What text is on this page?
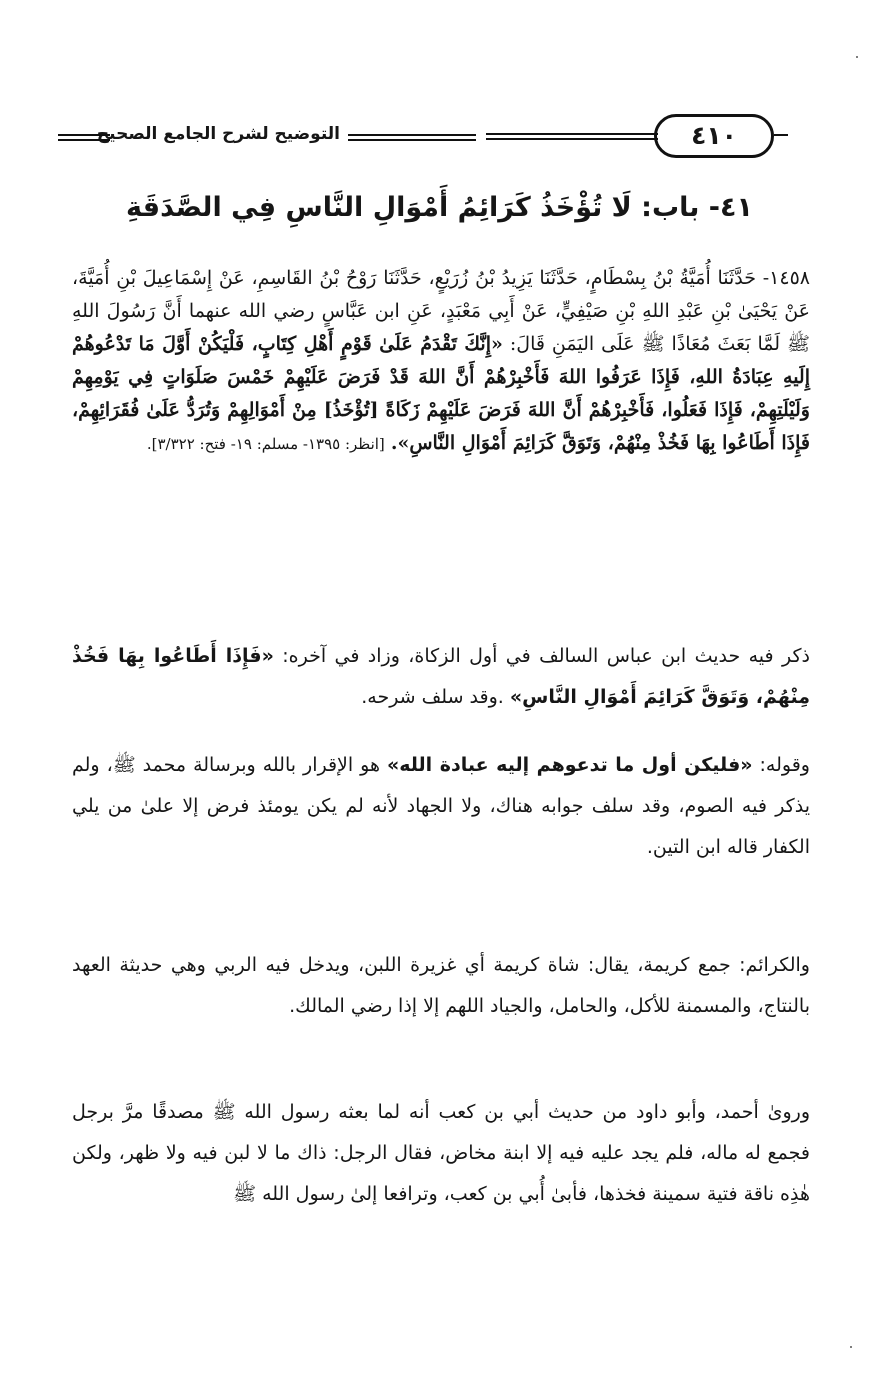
٤١٠
التوضيح لشرح الجامع الصحيح
٤١- باب: لَا تُؤْخَذُ كَرَائِمُ أَمْوَالِ النَّاسِ فِي الصَّدَقَةِ

١٤٥٨- حَدَّثَنَا أُمَيَّةُ بْنُ بِسْطَامٍ، حَدَّثَنَا يَزِيدُ بْنُ زُرَيْعٍ، حَدَّثَنَا رَوْحُ بْنُ القَاسِمِ، عَنْ إِسْمَاعِيلَ بْنِ أُمَيَّةَ، عَنْ يَحْيَىٰ بْنِ عَبْدِ اللهِ بْنِ صَيْفِيٍّ، عَنْ أَبِي مَعْبَدٍ، عَنِ ابن عَبَّاسٍ رضي الله عنهما أَنَّ رَسُولَ اللهِ ﷺ لَمَّا بَعَثَ مُعَاذًا ﷺ عَلَى اليَمَنِ قَالَ: «إِنَّكَ تَقْدَمُ عَلَىٰ قَوْمٍ أَهْلِ كِتَابٍ، فَلْيَكُنْ أَوَّلَ مَا تَدْعُوهُمْ إِلَيهِ عِبَادَةُ اللهِ، فَإِذَا عَرَفُوا اللهَ فَأَخْبِرْهُمْ أَنَّ اللهَ قَدْ فَرَضَ عَلَيْهِمْ خَمْسَ صَلَوَاتٍ فِي يَوْمِهِمْ وَلَيْلَتِهِمْ، فَإِذَا فَعَلُوا، فَأَخْبِرْهُمْ أَنَّ اللهَ فَرَضَ عَلَيْهِمْ زَكَاةً [تُؤْخَذُ] مِنْ أَمْوَالِهِمْ وَتُرَدُّ عَلَىٰ فُقَرَائِهِمْ، فَإِذَا أَطَاعُوا بِهَا فَخُذْ مِنْهُمْ، وَتَوَقَّ كَرَائِمَ أَمْوَالِ النَّاسِ». [انظر: ١٣٩٥- مسلم: ١٩- فتح: ٣/٣٢٢].

ذكر فيه حديث ابن عباس السالف في أول الزكاة، وزاد في آخره: «فَإِذَا أَطَاعُوا بِهَا فَخُذْ مِنْهُمْ، وَتَوَقَّ كَرَائِمَ أَمْوَالِ النَّاسِ» .وقد سلف شرحه.

وقوله: «فليكن أول ما تدعوهم إليه عبادة الله» هو الإقرار بالله وبرسالة محمد ﷺ، ولم يذكر فيه الصوم، وقد سلف جوابه هناك، ولا الجهاد لأنه لم يكن يومئذ فرض إلا علىٰ من يلي الكفار قاله ابن التين.

والكرائم: جمع كريمة، يقال: شاة كريمة أي غزيرة اللبن، ويدخل فيه الربي وهي حديثة العهد بالنتاج، والمسمنة للأكل، والحامل، والجياد اللهم إلا إذا رضي المالك.

ورویٰ أحمد، وأبو داود من حديث أبي بن كعب أنه لما بعثه رسول الله ﷺ مصدقًا مرَّ برجل فجمع له ماله، فلم يجد عليه فيه إلا ابنة مخاض، فقال الرجل: ذاك ما لا لبن فيه ولا ظهر، ولكن هٰذِه ناقة فتية سمينة فخذها، فأبىٰ أُبي بن كعب، وترافعا إلىٰ رسول الله ﷺ
